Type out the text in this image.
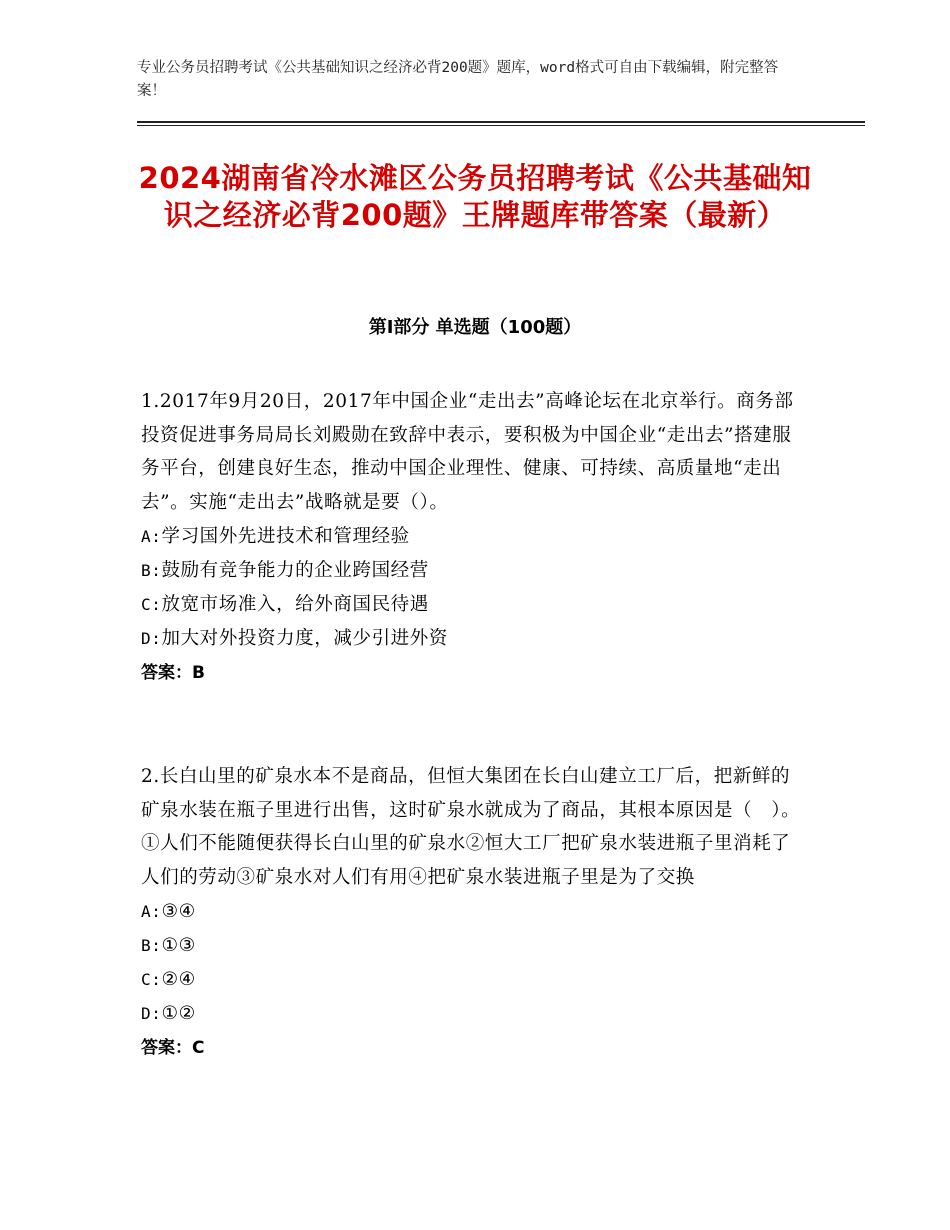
专业公务员招聘考试《公共基础知识之经济必背200题》题库，word格式可自由下载编辑，附完整答案！
2024湖南省冷水滩区公务员招聘考试《公共基础知识之经济必背200题》王牌题库带答案（最新）
第Ⅰ部分 单选题（100题）

1.2017年9月20日，2017年中国企业“走出去”高峰论坛在北京举行。商务部投资促进事务局局长刘殿勋在致辞中表示，要积极为中国企业“走出去”搭建服务平台，创建良好生态，推动中国企业理性、健康、可持续、高质量地“走出去”。实施“走出去”战略就是要（）。

A:学习国外先进技术和管理经验

B:鼓励有竞争能力的企业跨国经营

C:放宽市场准入，给外商国民待遇

D:加大对外投资力度，减少引进外资

答案：B

2.长白山里的矿泉水本不是商品，但恒大集团在长白山建立工厂后，把新鲜的矿泉水装在瓶子里进行出售，这时矿泉水就成为了商品，其根本原因是（　）。①人们不能随便获得长白山里的矿泉水②恒大工厂把矿泉水装进瓶子里消耗了人们的劳动③矿泉水对人们有用④把矿泉水装进瓶子里是为了交换

A:③④

B:①③

C:②④

D:①②

答案：C
